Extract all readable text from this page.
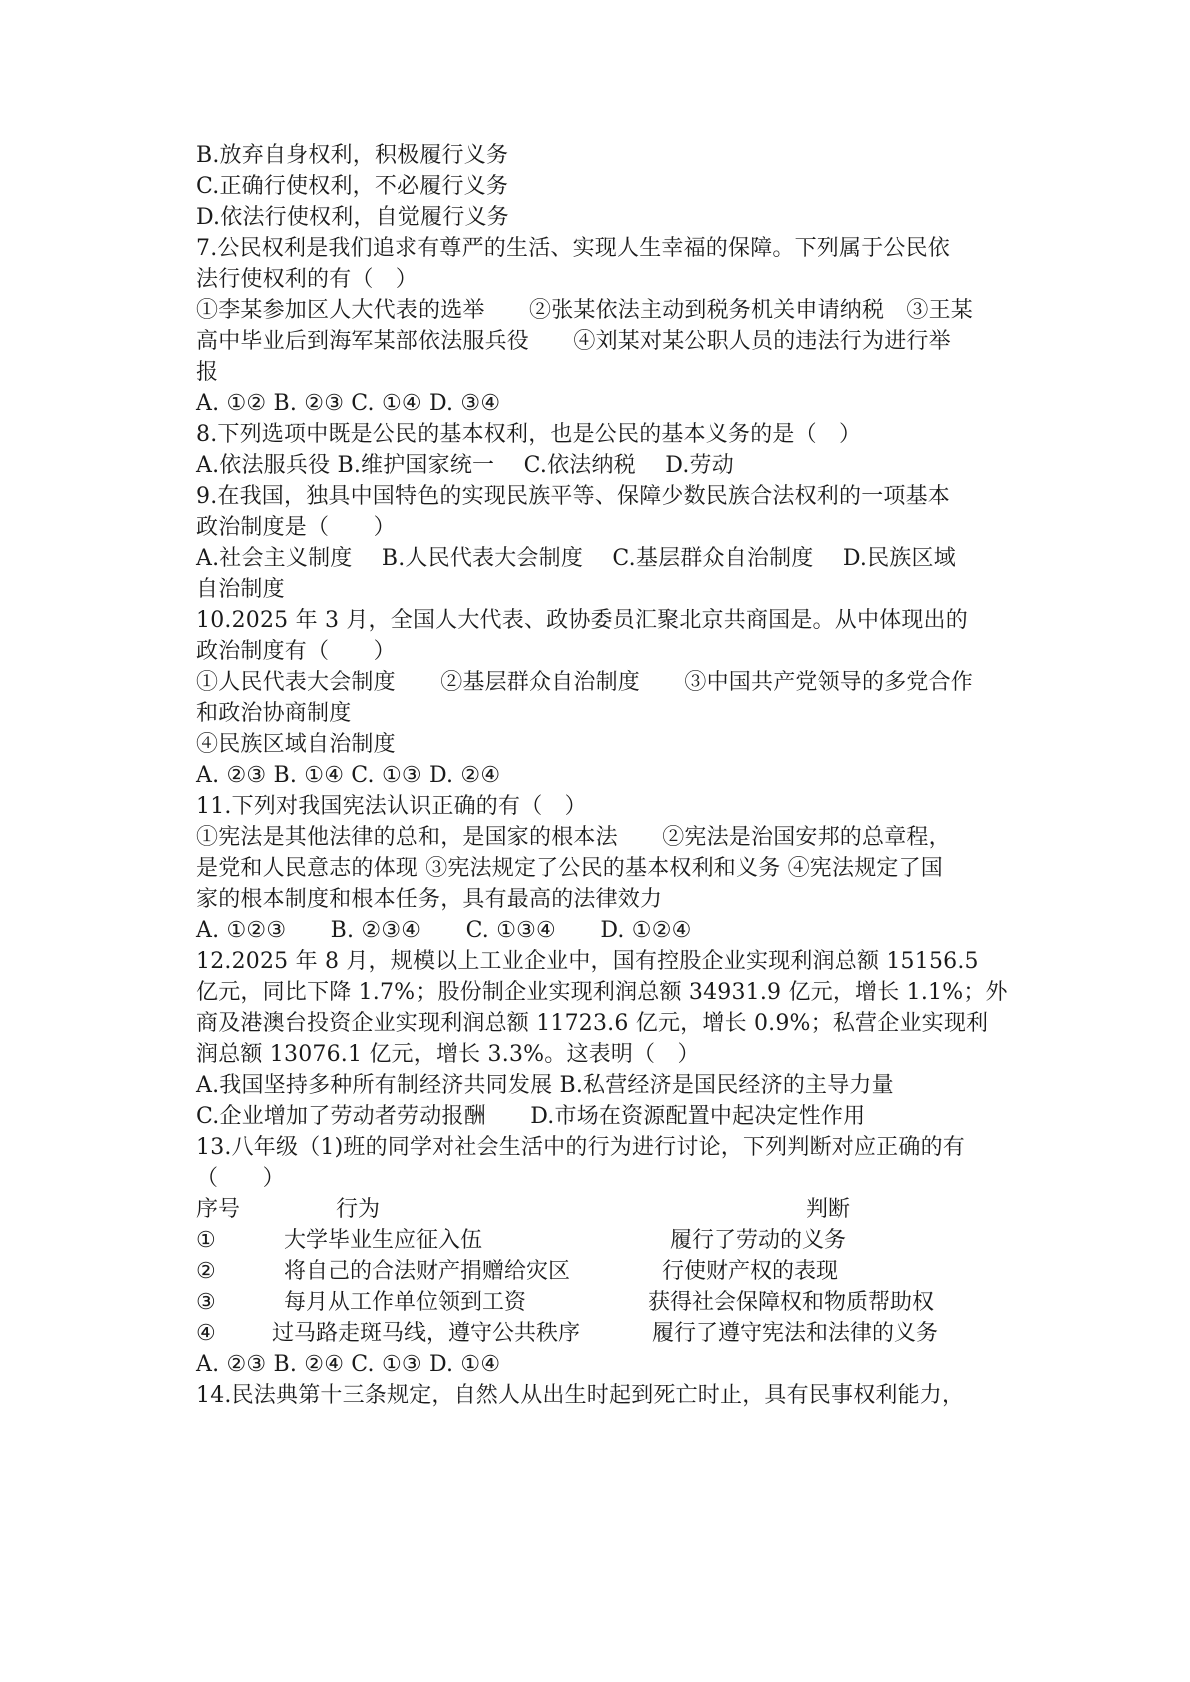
B.放弃自身权利，积极履行义务
C.正确行使权利，不必履行义务
D.依法行使权利，自觉履行义务
7.公民权利是我们追求有尊严的生活、实现人生幸福的保障。下列属于公民依
法行使权利的有（　）
①李某参加区人大代表的选举　　②张某依法主动到税务机关申请纳税　③王某
高中毕业后到海军某部依法服兵役　　④刘某对某公职人员的违法行为进行举
报
A. ①② B. ②③ C. ①④ D. ③④
8.下列选项中既是公民的基本权利，也是公民的基本义务的是（　）
A.依法服兵役 B.维护国家统一　 C.依法纳税　 D.劳动
9.在我国，独具中国特色的实现民族平等、保障少数民族合法权利的一项基本
政治制度是（　　）
A.社会主义制度　 B.人民代表大会制度　 C.基层群众自治制度　 D.民族区域
自治制度
10.2025 年 3 月，全国人大代表、政协委员汇聚北京共商国是。从中体现出的
政治制度有（　　）
①人民代表大会制度　　②基层群众自治制度　　③中国共产党领导的多党合作
和政治协商制度
④民族区域自治制度
A. ②③ B. ①④ C. ①③ D. ②④
11.下列对我国宪法认识正确的有（　）
①宪法是其他法律的总和，是国家的根本法　　②宪法是治国安邦的总章程，
是党和人民意志的体现 ③宪法规定了公民的基本权利和义务 ④宪法规定了国
家的根本制度和根本任务，具有最高的法律效力
A. ①②③　　B. ②③④　　C. ①③④　　D. ①②④
12.2025 年 8 月，规模以上工业企业中，国有控股企业实现利润总额 15156.5
亿元，同比下降 1.7%；股份制企业实现利润总额 34931.9 亿元，增长 1.1%；外
商及港澳台投资企业实现利润总额 11723.6 亿元，增长 0.9%；私营企业实现利
润总额 13076.1 亿元，增长 3.3%。这表明（　）
A.我国坚持多种所有制经济共同发展 B.私营经济是国民经济的主导力量
C.企业增加了劳动者劳动报酬　　D.市场在资源配置中起决定性作用
13.八年级（1)班的同学对社会生活中的行为进行讨论，下列判断对应正确的有
（　　）
序号	行为	判断
①	大学毕业生应征入伍	履行了劳动的义务
②	将自己的合法财产捐赠给灾区	行使财产权的表现
③	每月从工作单位领到工资	获得社会保障权和物质帮助权
④	过马路走斑马线，遵守公共秩序	履行了遵守宪法和法律的义务
A. ②③ B. ②④ C. ①③ D. ①④
14.民法典第十三条规定，自然人从出生时起到死亡时止，具有民事权利能力，
